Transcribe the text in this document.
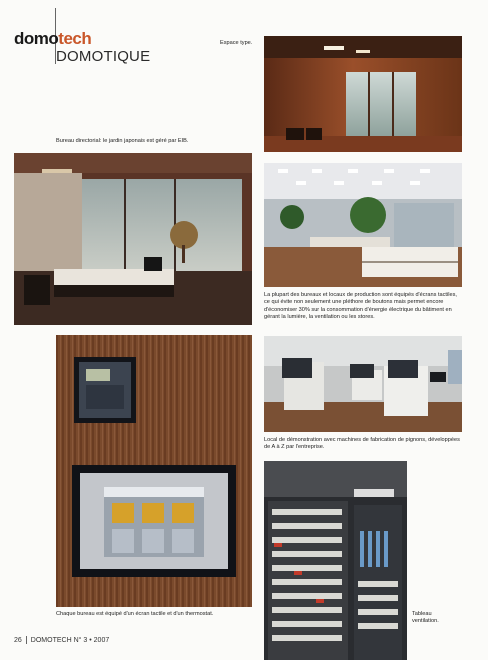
domotech
DOMOTIQUE
Espace type.
Bureau directorial: le jardin japonais est géré par EIB.
La plupart des bureaux et locaux de production sont équipés d'écrans tactiles, ce qui évite non seulement une pléthore de boutons mais permet encore d'économiser 30% sur la consommation d'énergie électrique du bâtiment en gérant la lumière, la ventilation ou les stores.
Local de démonstration avec machines de fabrication de pignons, développées de A à Z par l'entreprise.
Chaque bureau est équipé d'un écran tactile et d'un thermostat.	Tableau
ventilation.
26 DOMOTECH N° 3 • 2007
